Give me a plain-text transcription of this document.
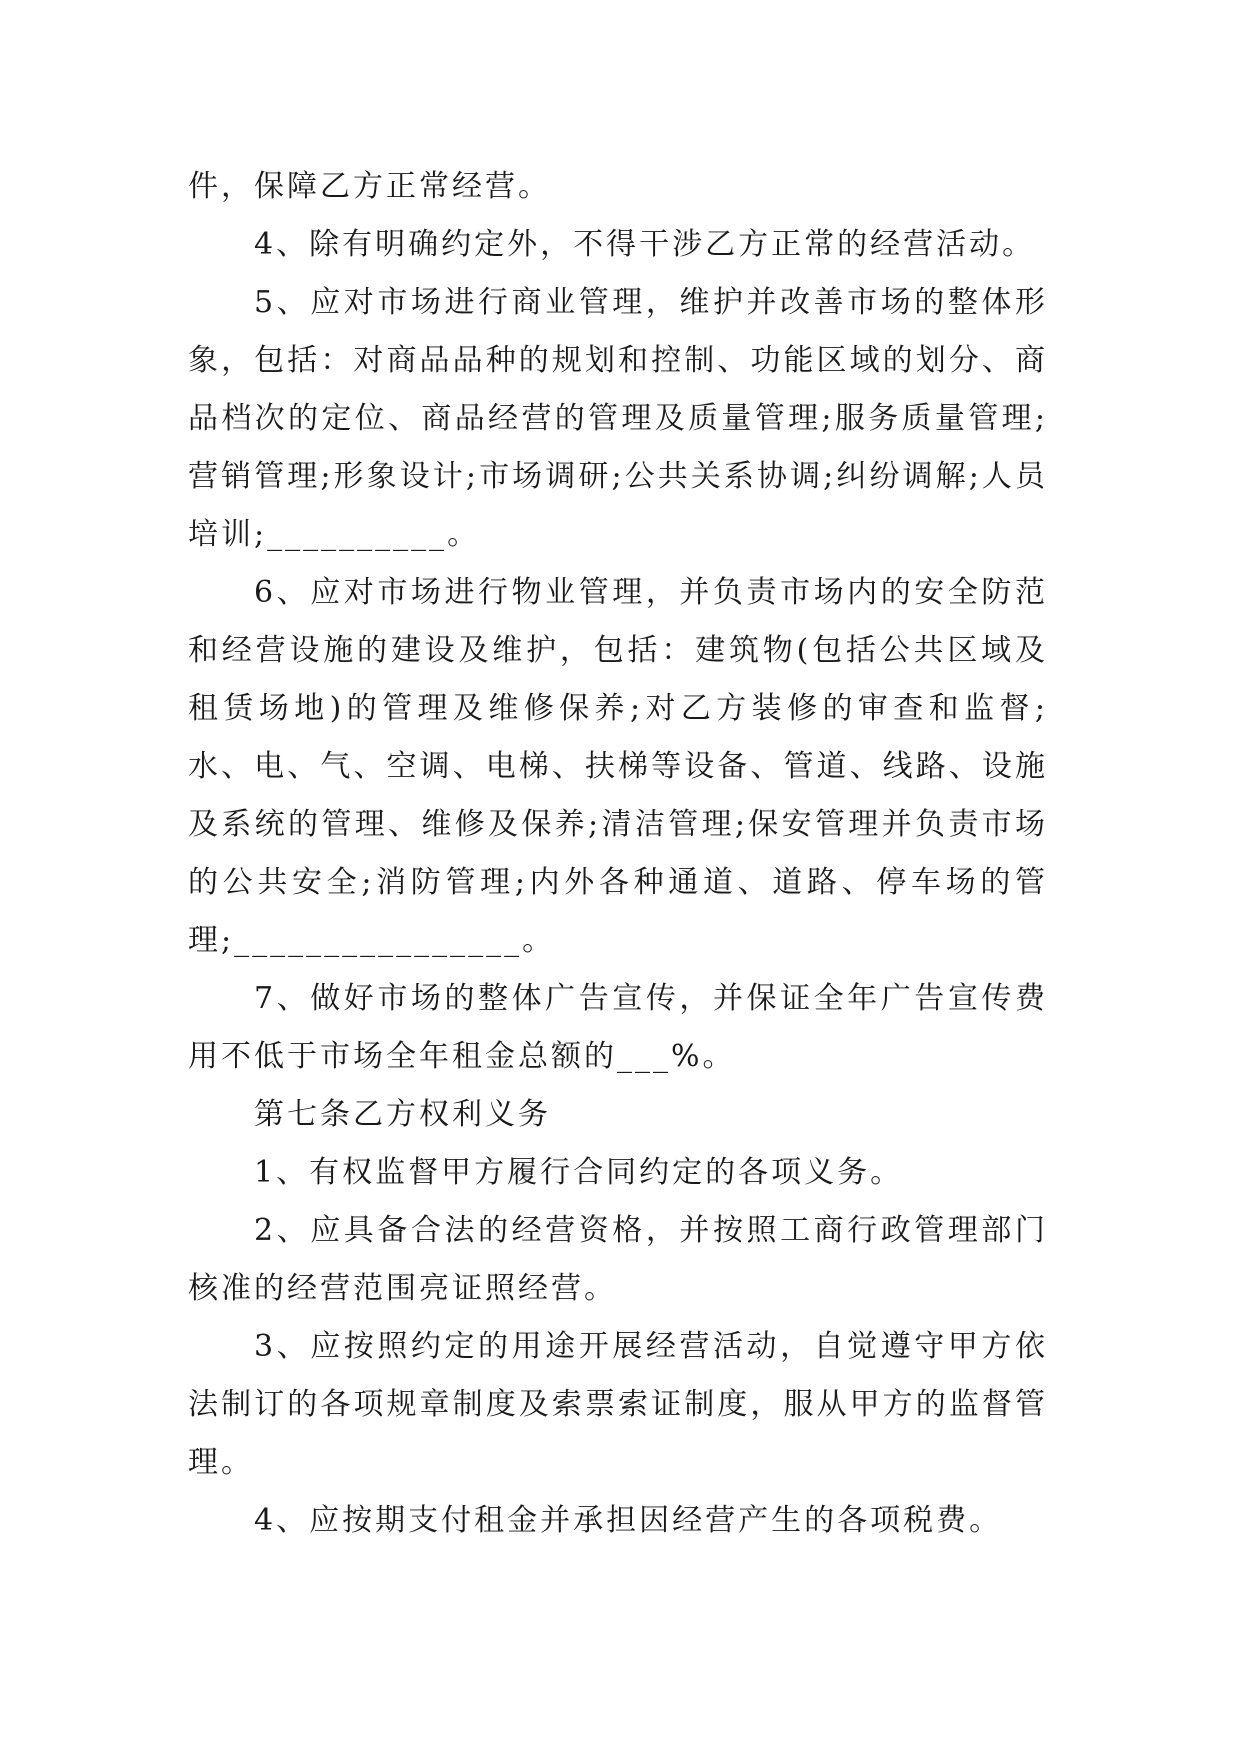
件，保障乙方正常经营。

4、除有明确约定外，不得干涉乙方正常的经营活动。

5、应对市场进行商业管理，维护并改善市场的整体形象，包括：对商品品种的规划和控制、功能区域的划分、商品档次的定位、商品经营的管理及质量管理;服务质量管理;营销管理;形象设计;市场调研;公共关系协调;纠纷调解;人员培训;__________。

6、应对市场进行物业管理，并负责市场内的安全防范和经营设施的建设及维护，包括：建筑物(包括公共区域及租赁场地)的管理及维修保养;对乙方装修的审查和监督;水、电、气、空调、电梯、扶梯等设备、管道、线路、设施及系统的管理、维修及保养;清洁管理;保安管理并负责市场的公共安全;消防管理;内外各种通道、道路、停车场的管理;________________。

7、做好市场的整体广告宣传，并保证全年广告宣传费用不低于市场全年租金总额的___%。

第七条乙方权利义务

1、有权监督甲方履行合同约定的各项义务。

2、应具备合法的经营资格，并按照工商行政管理部门核准的经营范围亮证照经营。

3、应按照约定的用途开展经营活动，自觉遵守甲方依法制订的各项规章制度及索票索证制度，服从甲方的监督管理。

4、应按期支付租金并承担因经营产生的各项税费。
